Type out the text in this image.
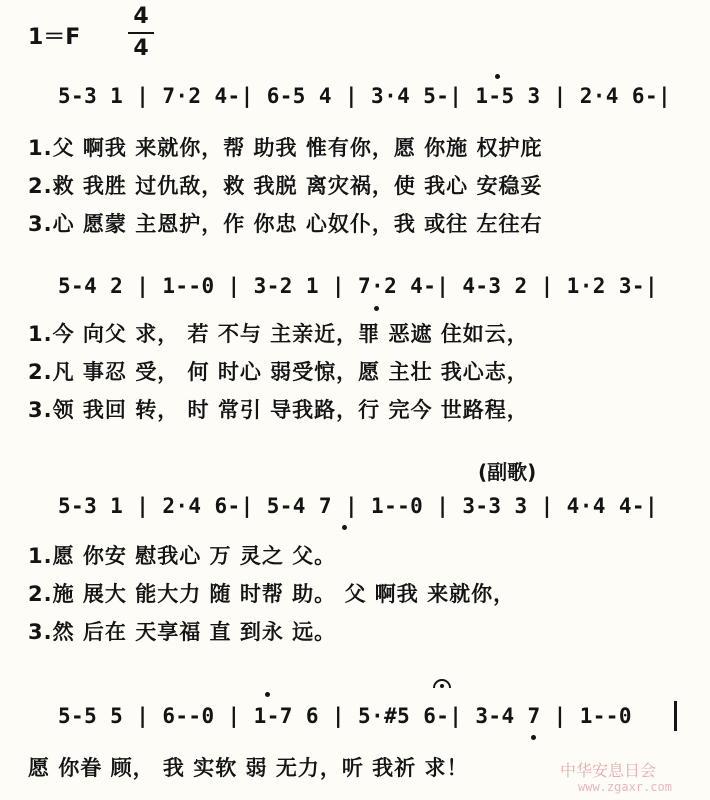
1＝F
4
4
5-3 1 | 7·2 4-| 6-5 4 | 3·4 5-| 1-5 3 | 2·4 6-|
1.父 啊我 来就你，帮 助我 惟有你，愿 你施 权护庇
2.救 我胜 过仇敌，救 我脱 离灾祸，使 我心 安稳妥
3.心 愿蒙 主恩护，作 你忠 心奴仆，我 或往 左往右
5-4 2 | 1--0 | 3-2 1 | 7·2 4-| 4-3 2 | 1·2 3-|
1.今 向父 求， 若 不与 主亲近，罪 恶遮 住如云，
2.凡 事忍 受， 何 时心 弱受惊，愿 主壮 我心志，
3.领 我回 转， 时 常引 导我路，行 完今 世路程，
(副歌)
5-3 1 | 2·4 6-| 5-4 7 | 1--0 | 3-3 3 | 4·4 4-|
1.愿 你安 慰我心 万 灵之 父。
2.施 展大 能大力 随 时帮 助。 父 啊我 来就你，
3.然 后在 天享福 直 到永 远。
5-5 5 | 6--0 | 1-7 6 | 5·#5 6-| 3-4 7 | 1--0
愿 你眷 顾， 我 实软 弱 无力，听 我祈 求！	中华安息日会
www.zgaxr.com
